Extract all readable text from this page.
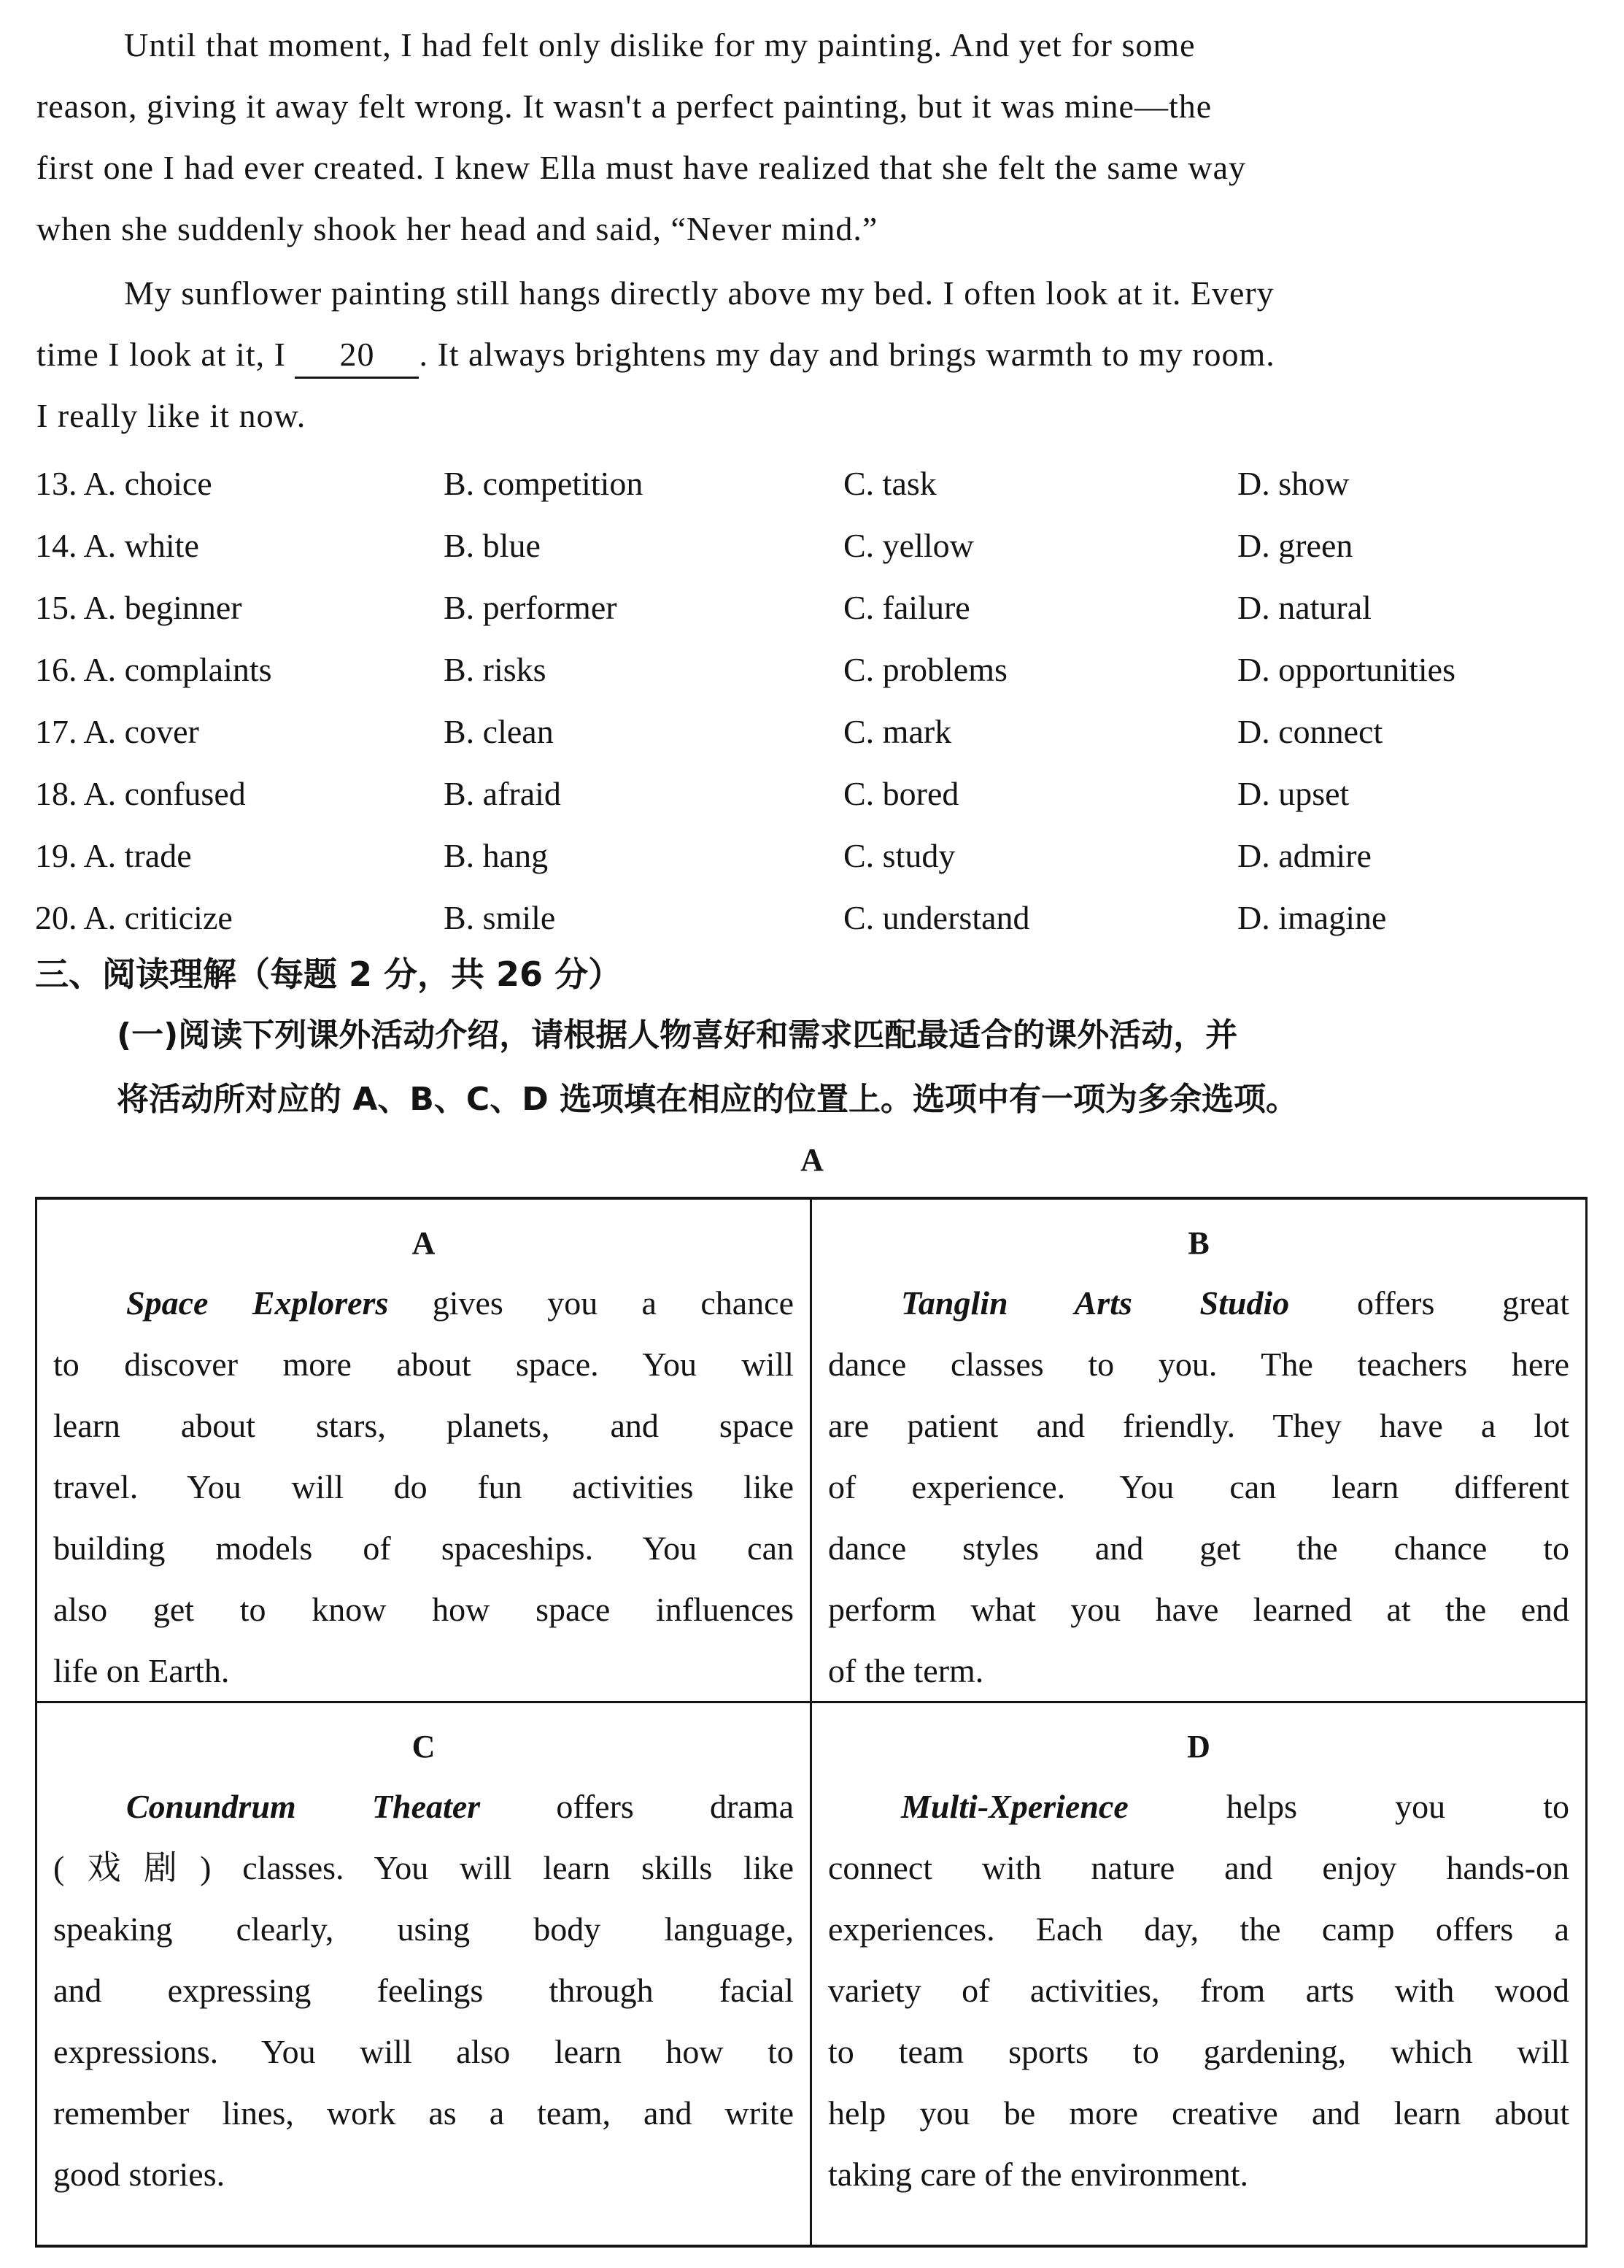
Until that moment, I had felt only dislike for my painting. And yet for some
reason, giving it away felt wrong. It wasn't a perfect painting, but it was mine—the
first one I had ever created. I knew Ella must have realized that she felt the same way
when she suddenly shook her head and said, “Never mind.”
My sunflower painting still hangs directly above my bed. I often look at it. Every
time I look at it, I 20 . It always brightens my day and brings warmth to my room.
I really like it now.
13. A. choice	B. competition	C. task	D. show
14. A. white	B. blue	C. yellow	D. green
15. A. beginner	B. performer	C. failure	D. natural
16. A. complaints	B. risks	C. problems	D. opportunities
17. A. cover	B. clean	C. mark	D. connect
18. A. confused	B. afraid	C. bored	D. upset
19. A. trade	B. hang	C. study	D. admire
20. A. criticize	B. smile	C. understand	D. imagine
三、阅读理解（每题 2 分，共 26 分）
(一)阅读下列课外活动介绍，请根据人物喜好和需求匹配最适合的课外活动，并
将活动所对应的 A、B、C、D 选项填在相应的位置上。选项中有一项为多余选项。
A
A
Space Explorers gives you a chance
to discover more about space. You will
learn about stars, planets, and space
travel. You will do fun activities like
building models of spaceships. You can
also get to know how space influences
life on Earth.
B
Tanglin Arts Studio offers great
dance classes to you. The teachers here
are patient and friendly. They have a lot
of experience. You can learn different
dance styles and get the chance to
perform what you have learned at the end
of the term.
C
Conundrum Theater offers drama
(戏剧) classes. You will learn skills like
speaking clearly, using body language,
and expressing feelings through facial
expressions. You will also learn how to
remember lines, work as a team, and write
good stories.
D
Multi-Xperience helps you to
connect with nature and enjoy hands-on
experiences. Each day, the camp offers a
variety of activities, from arts with wood
to team sports to gardening, which will
help you be more creative and learn about
taking care of the environment.
